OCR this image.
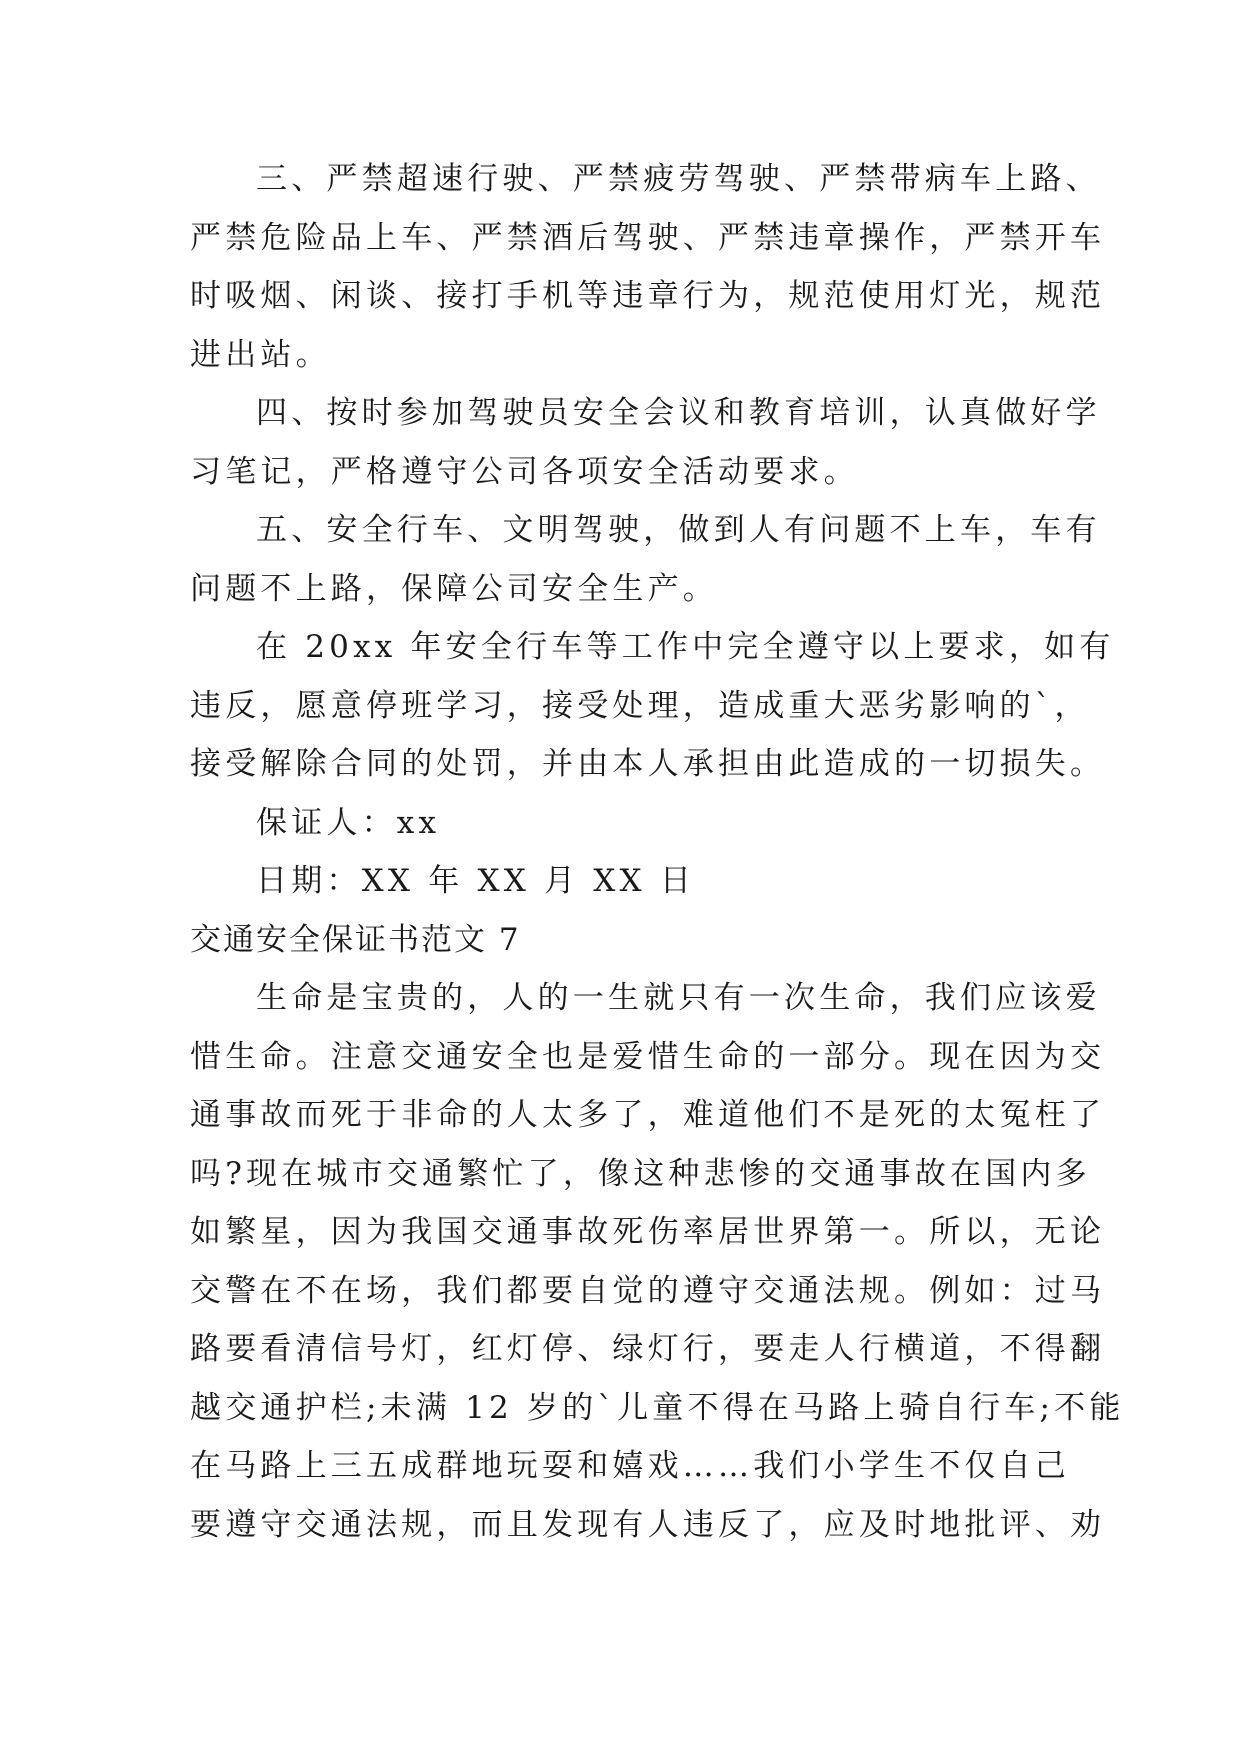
三、严禁超速行驶、严禁疲劳驾驶、严禁带病车上路、

严禁危险品上车、严禁酒后驾驶、严禁违章操作，严禁开车

时吸烟、闲谈、接打手机等违章行为，规范使用灯光，规范

进出站。

四、按时参加驾驶员安全会议和教育培训，认真做好学

习笔记，严格遵守公司各项安全活动要求。

五、安全行车、文明驾驶，做到人有问题不上车，车有

问题不上路，保障公司安全生产。

在 20xx 年安全行车等工作中完全遵守以上要求，如有

违反，愿意停班学习，接受处理，造成重大恶劣影响的`，

接受解除合同的处罚，并由本人承担由此造成的一切损失。

保证人：xx

日期：XX 年 XX 月 XX 日

交通安全保证书范文 7

生命是宝贵的，人的一生就只有一次生命，我们应该爱

惜生命。注意交通安全也是爱惜生命的一部分。现在因为交

通事故而死于非命的人太多了，难道他们不是死的太冤枉了

吗?现在城市交通繁忙了，像这种悲惨的交通事故在国内多

如繁星，因为我国交通事故死伤率居世界第一。所以，无论

交警在不在场，我们都要自觉的遵守交通法规。例如：过马

路要看清信号灯，红灯停、绿灯行，要走人行横道，不得翻

越交通护栏;未满 12 岁的`儿童不得在马路上骑自行车;不能

在马路上三五成群地玩耍和嬉戏……我们小学生不仅自己

要遵守交通法规，而且发现有人违反了，应及时地批评、劝
